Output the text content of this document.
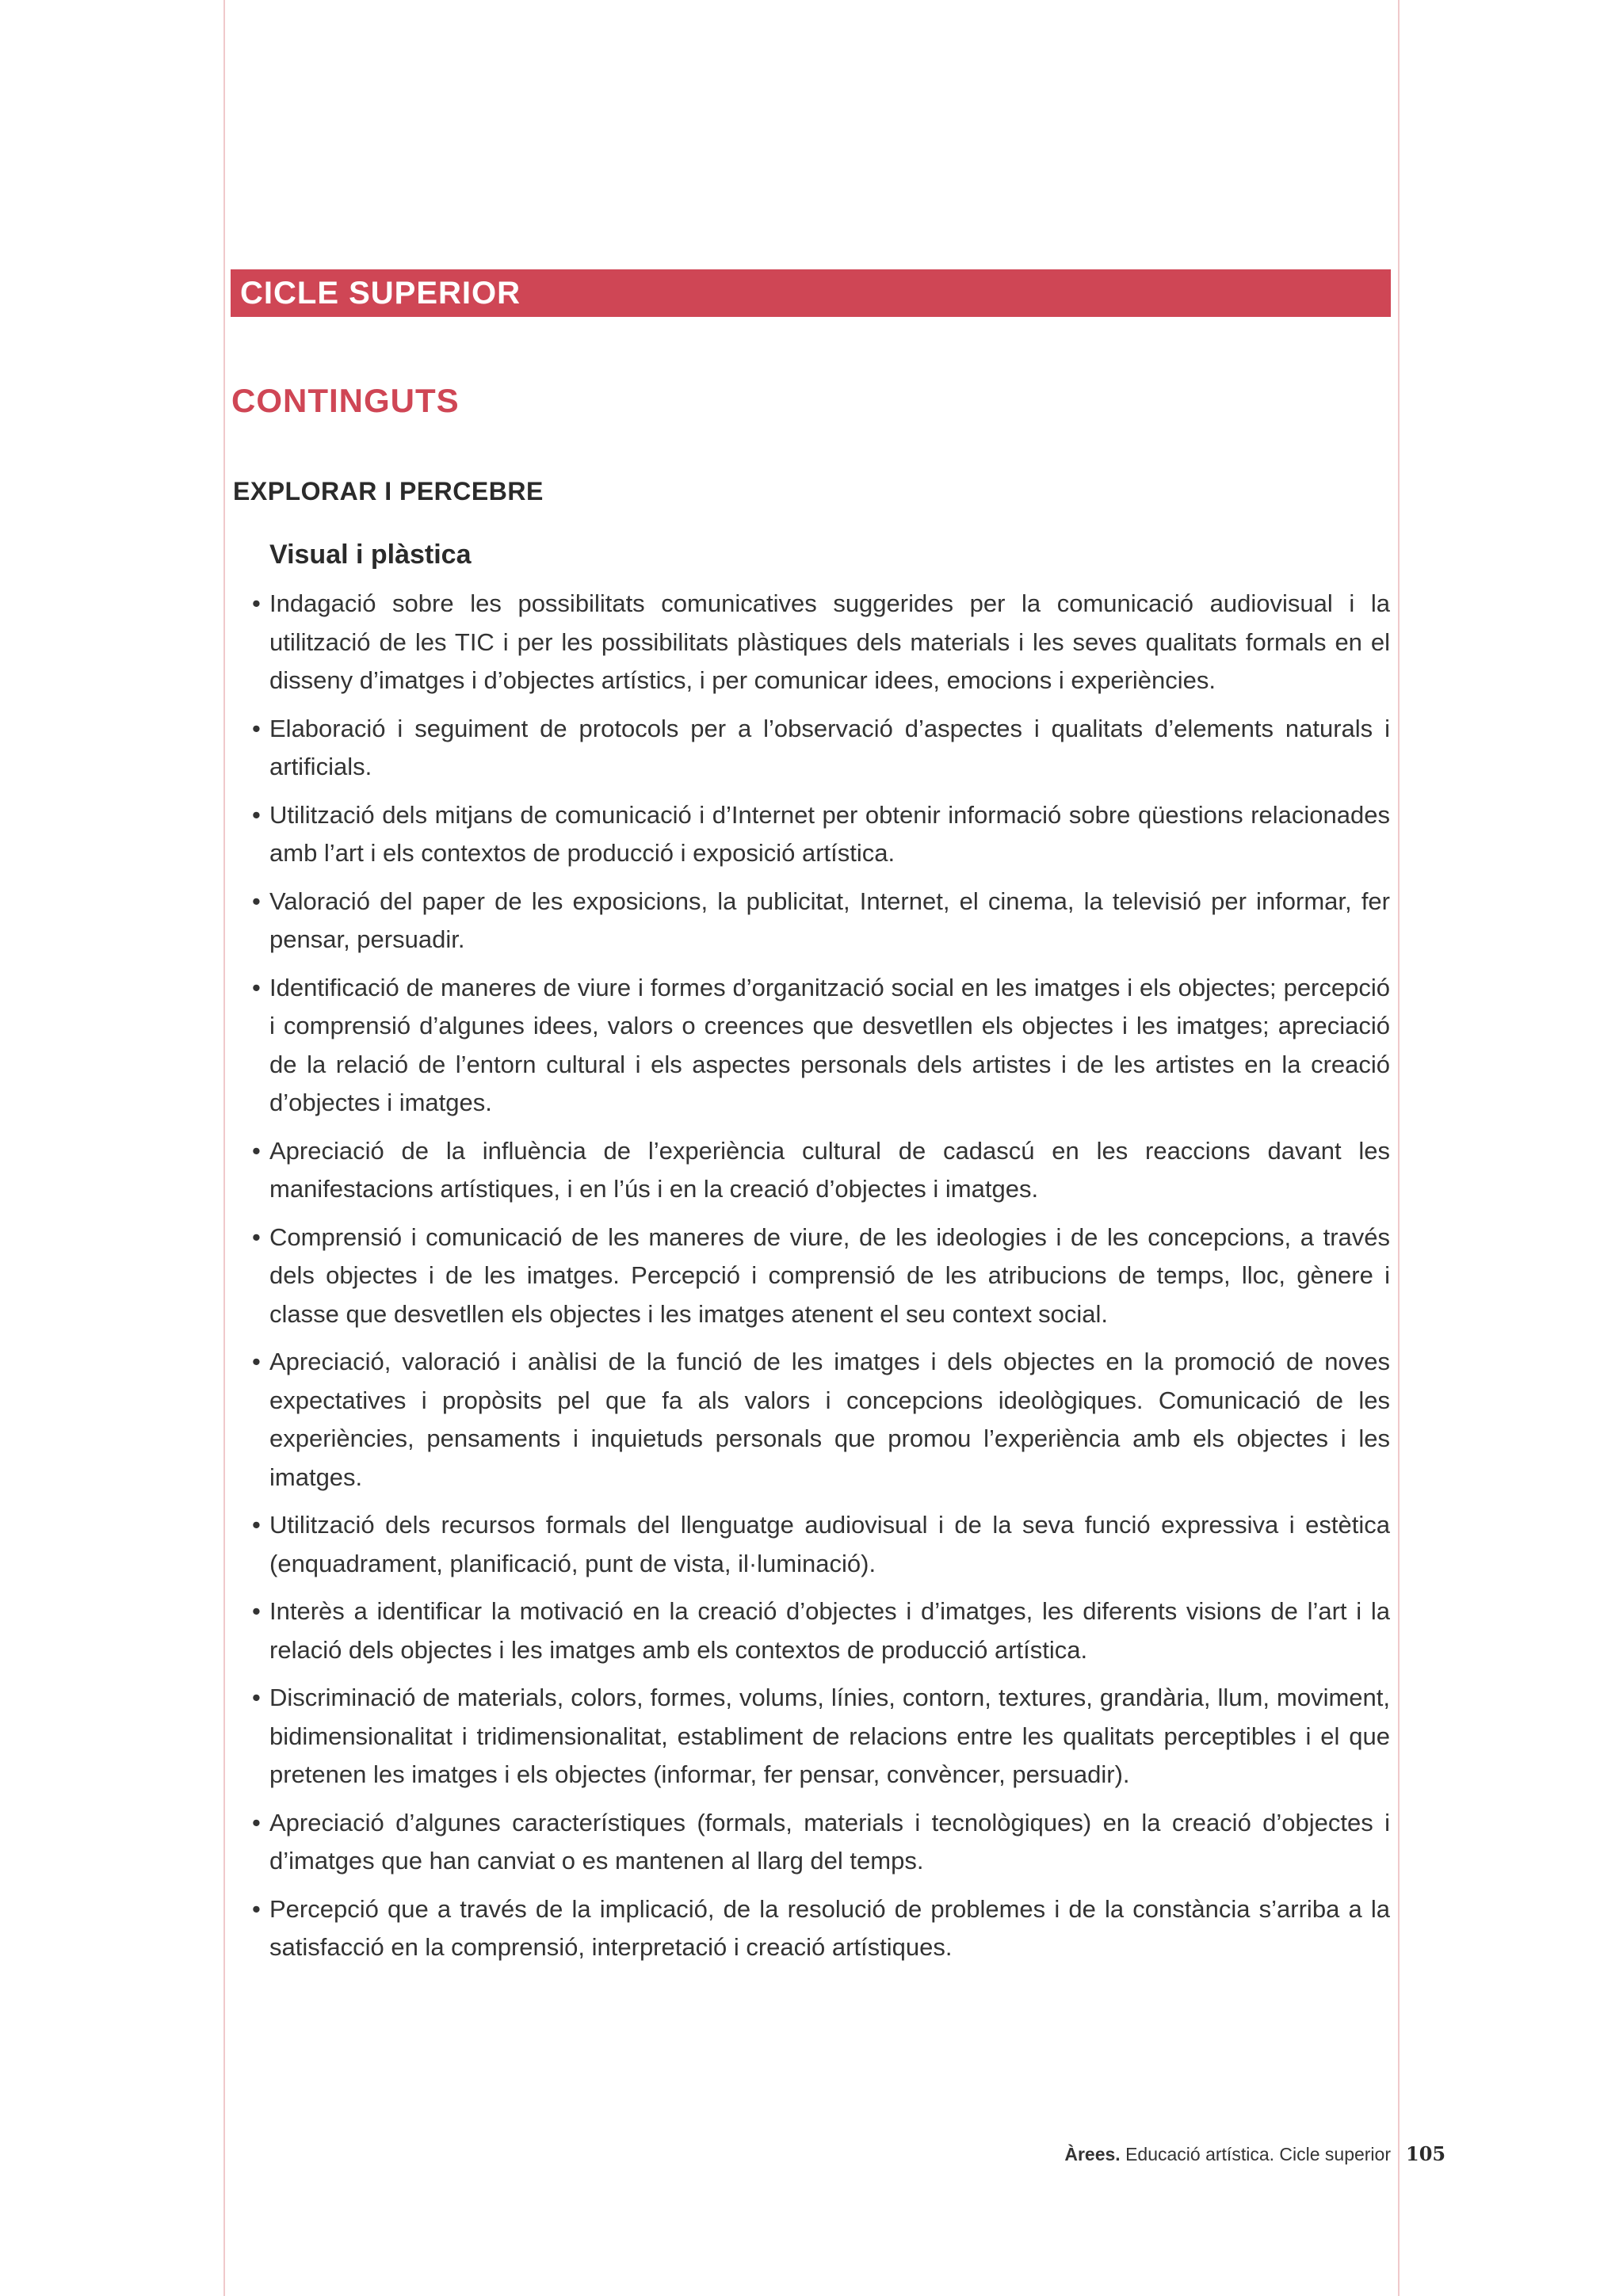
CICLE SUPERIOR
CONTINGUTS
EXPLORAR I PERCEBRE
Visual i plàstica
• Indagació sobre les possibilitats comunicatives suggerides per la comunicació audiovisual i la utilització de les TIC i per les possibilitats plàstiques dels materials i les seves qualitats formals en el disseny d’imatges i d’objectes artístics, i per comunicar idees, emocions i experiències.
• Elaboració i seguiment de protocols per a l’observació d’aspectes i qualitats d’elements naturals i artificials.
• Utilització dels mitjans de comunicació i d’Internet per obtenir informació sobre qüestions relacionades amb l’art i els contextos de producció i exposició artística.
• Valoració del paper de les exposicions, la publicitat, Internet, el cinema, la televisió per informar, fer pensar, persuadir.
• Identificació de maneres de viure i formes d’organització social en les imatges i els objectes; percepció i comprensió d’algunes idees, valors o creences que desvetllen els objectes i les imatges; apreciació de la relació de l’entorn cultural i els aspectes personals dels artistes i de les artistes en la creació d’objectes i imatges.
• Apreciació de la influència de l’experiència cultural de cadascú en les reaccions davant les manifestacions artístiques, i en l’ús i en la creació d’objectes i imatges.
• Comprensió i comunicació de les maneres de viure, de les ideologies i de les concepcions, a través dels objectes i de les imatges. Percepció i comprensió de les atribucions de temps, lloc, gènere i classe que desvetllen els objectes i les imatges atenent el seu context social.
• Apreciació, valoració i anàlisi de la funció de les imatges i dels objectes en la promoció de noves expectatives i propòsits pel que fa als valors i concepcions ideològiques. Comunicació de les experiències, pensaments i inquietuds personals que promou l’experiència amb els objectes i les imatges.
• Utilització dels recursos formals del llenguatge audiovisual i de la seva funció expressiva i estètica (enquadrament, planificació, punt de vista, il·luminació).
• Interès a identificar la motivació en la creació d’objectes i d’imatges, les diferents visions de l’art i la relació dels objectes i les imatges amb els contextos de producció artística.
• Discriminació de materials, colors, formes, volums, línies, contorn, textures, grandària, llum, moviment, bidimensionalitat i tridimensionalitat, establiment de relacions entre les qualitats perceptibles i el que pretenen les imatges i els objectes (informar, fer pensar, convèncer, persuadir).
• Apreciació d’algunes característiques (formals, materials i tecnològiques) en la creació d’objectes i d’imatges que han canviat o es mantenen al llarg del temps.
• Percepció que a través de la implicació, de la resolució de problemes i de la constància s’arriba a la satisfacció en la comprensió, interpretació i creació artístiques.
Àrees. Educació artística. Cicle superior 105
